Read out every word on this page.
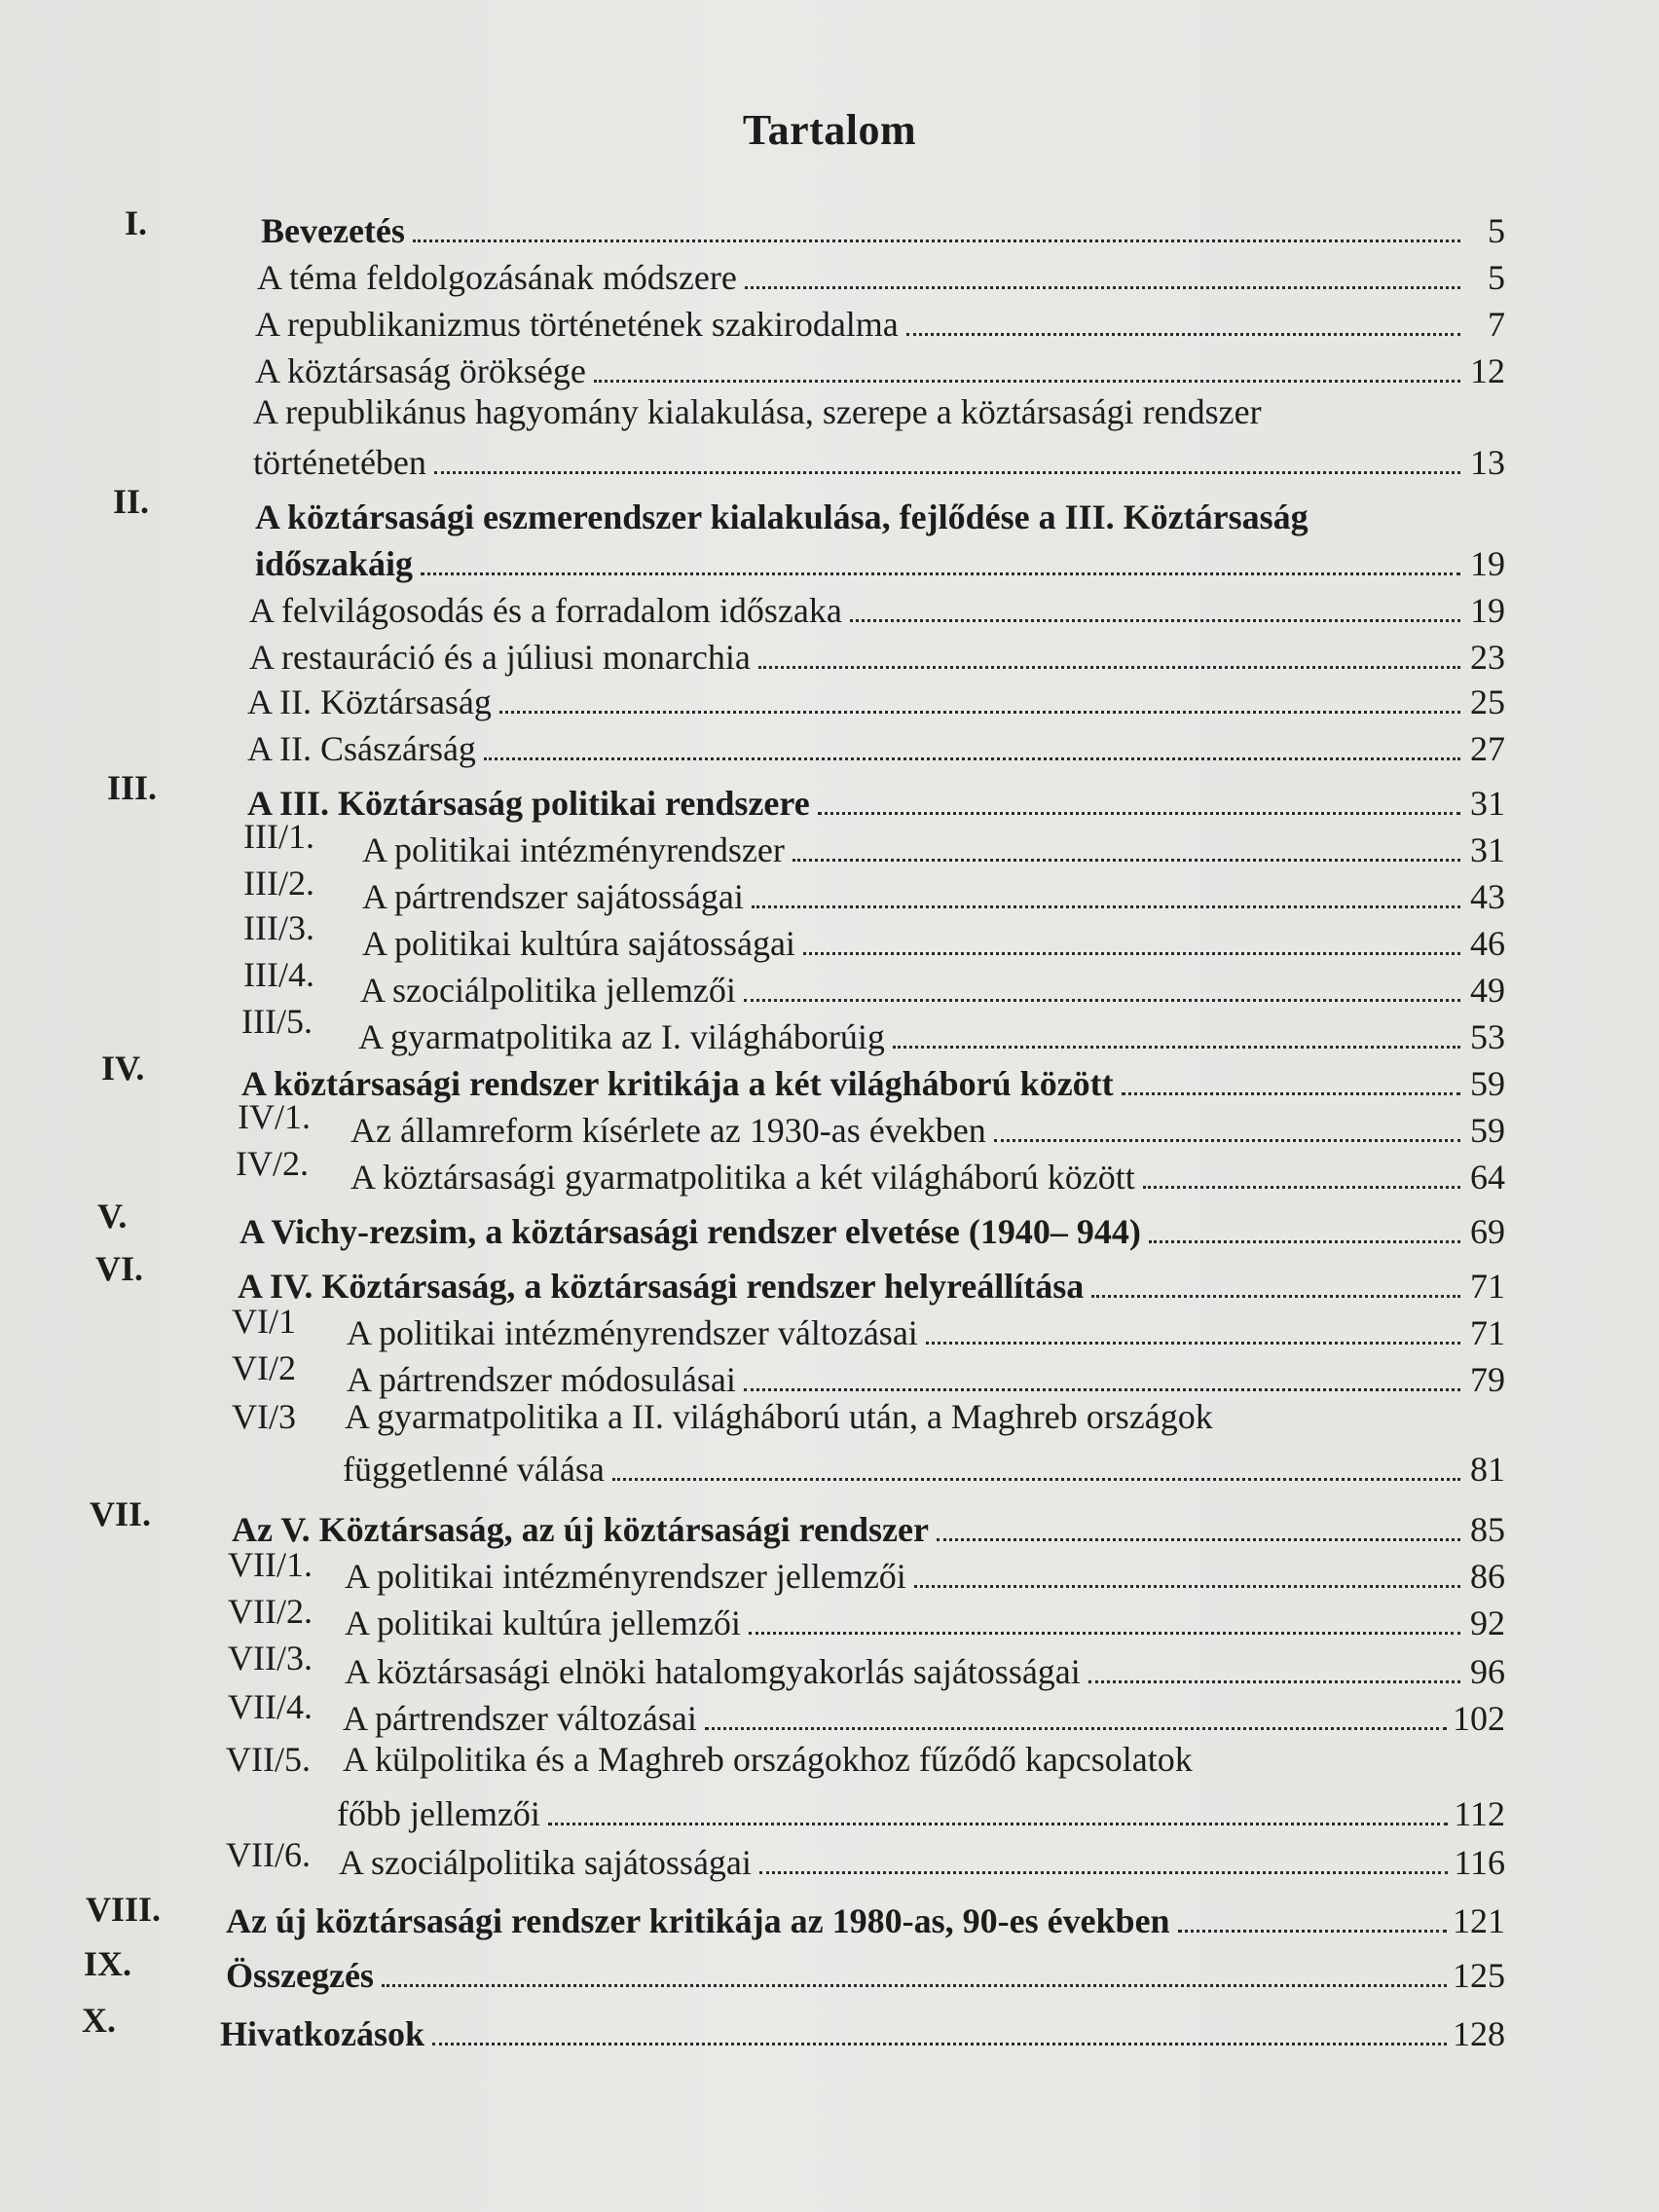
Tartalom
I.	Bevezetés	5
A téma feldolgozásának módszere	5
A republikanizmus történetének szakirodalma	7
A köztársaság öröksége	12
A republikánus hagyomány kialakulása, szerepe a köztársasági rendszer
történetében	13
II.	A köztársasági eszmerendszer kialakulása, fejlődése a III. Köztársaság
időszakáig	19
A felvilágosodás és a forradalom időszaka	19
A restauráció és a júliusi monarchia	23
A II. Köztársaság	25
A II. Császárság	27
III.	A III. Köztársaság politikai rendszere	31
III/1. A politikai intézményrendszer	31
III/2. A pártrendszer sajátosságai	43
III/3. A politikai kultúra sajátosságai	46
III/4. A szociálpolitika jellemzői	49
III/5. A gyarmatpolitika az I. világháborúig	53
IV.	A köztársasági rendszer kritikája a két világháború között	59
IV/1. Az államreform kísérlete az 1930-as években	59
IV/2. A köztársasági gyarmatpolitika a két világháború között	64
V.	A Vichy-rezsim, a köztársasági rendszer elvetése (1940– 944)	69
VI.	A IV. Köztársaság, a köztársasági rendszer helyreállítása	71
VI/1 A politikai intézményrendszer változásai	71
VI/2 A pártrendszer módosulásai	79
VI/3 A gyarmatpolitika a II. világháború után, a Maghreb országok
függetlenné válása	81
VII. Az V. Köztársaság, az új köztársasági rendszer	85
VII/1. A politikai intézményrendszer jellemzői	86
VII/2. A politikai kultúra jellemzői	92
VII/3. A köztársasági elnöki hatalomgyakorlás sajátosságai	96
VII/4. A pártrendszer változásai	102
VII/5. A külpolitika és a Maghreb országokhoz fűződő kapcsolatok
főbb jellemzői	112
VII/6. A szociálpolitika sajátosságai	116
VIII. Az új köztársasági rendszer kritikája az 1980-as, 90-es években	121
IX.	Összegzés	125
X.	Hivatkozások	128
